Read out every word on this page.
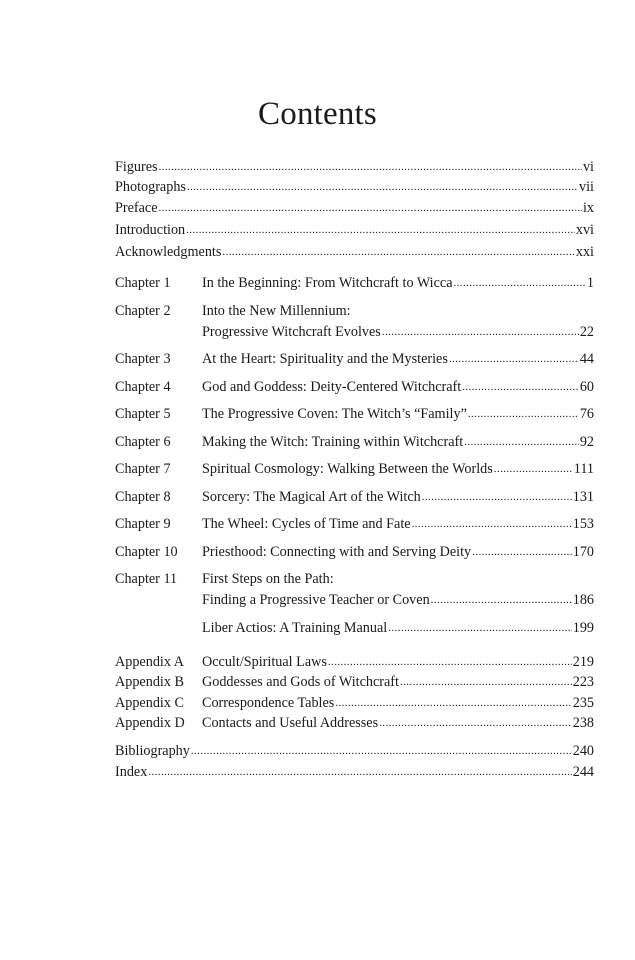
Contents
Figures .....	vi
Photographs .....	vii
Preface .....	ix
Introduction .....	xvi
Acknowledgments .....	xxi
Chapter 1	In the Beginning: From Witchcraft to Wicca .....	1
Chapter 2	Into the New Millennium:
Progressive Witchcraft Evolves .....	22
Chapter 3	At the Heart: Spirituality and the Mysteries .....	44
Chapter 4	God and Goddess: Deity-Centered Witchcraft .....	60
Chapter 5	The Progressive Coven: The Witch’s “Family” .....	76
Chapter 6	Making the Witch: Training within Witchcraft .....	92
Chapter 7	Spiritual Cosmology: Walking Between the Worlds .....	111
Chapter 8	Sorcery: The Magical Art of the Witch .....	131
Chapter 9	The Wheel: Cycles of Time and Fate .....	153
Chapter 10	Priesthood: Connecting with and Serving Deity .....	170
Chapter 11	First Steps on the Path:
Finding a Progressive Teacher or Coven .....	186
Liber Actios: A Training Manual .....	199
Appendix A	Occult/Spiritual Laws .....	219
Appendix B	Goddesses and Gods of Witchcraft .....	223
Appendix C	Correspondence Tables .....	235
Appendix D	Contacts and Useful Addresses .....	238
Bibliography .....	240
Index .....	244
